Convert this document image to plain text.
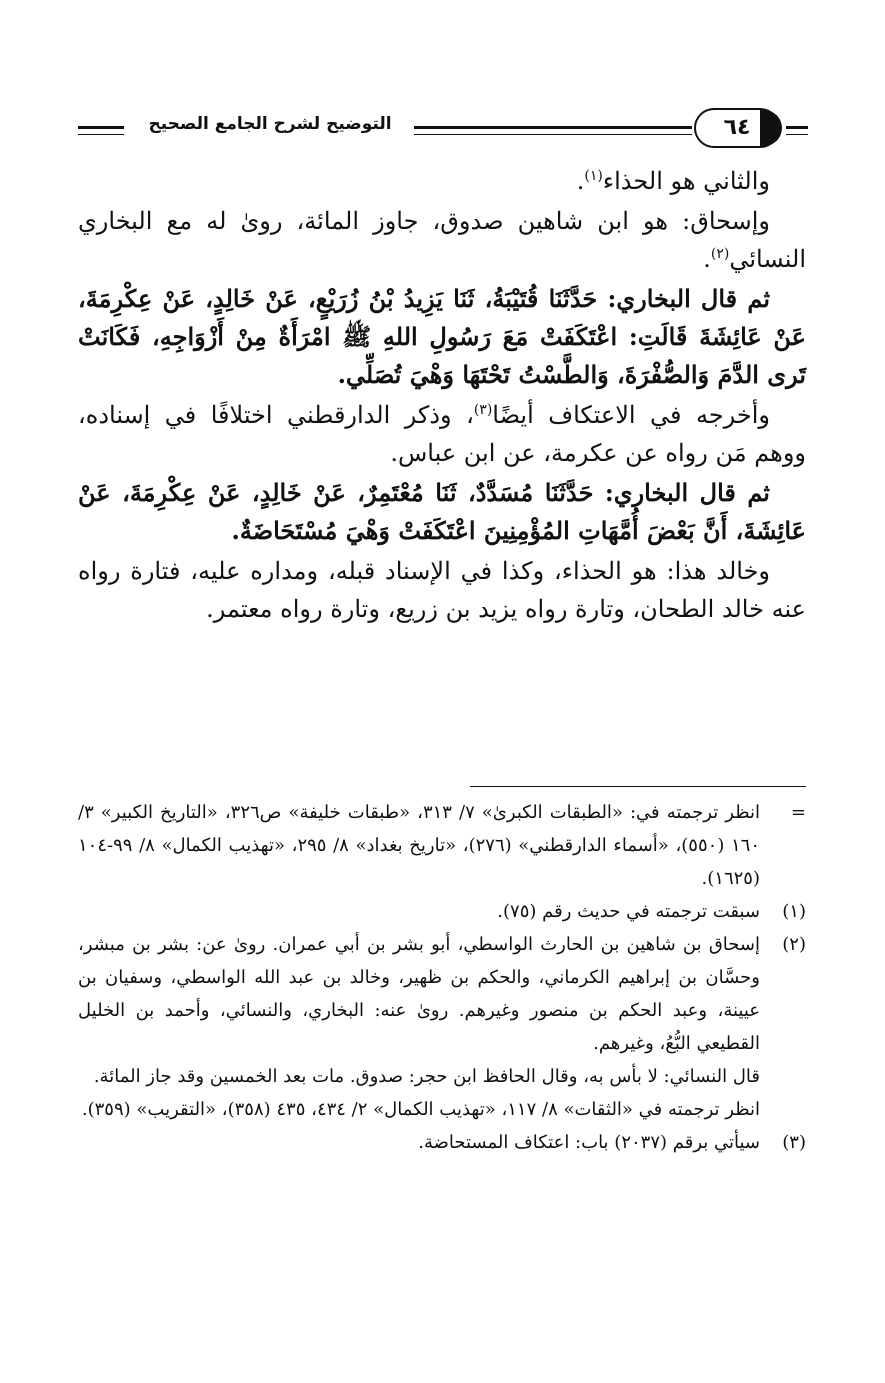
التوضيح لشرح الجامع الصحيح	٦٤

والثاني هو الحذاء$^{(١)}$.

وإسحاق: هو ابن شاهين صدوق، جاوز المائة، روىٰ له مع البخاري النسائي$^{(٢)}$.

ثم قال البخاري: حَدَّثَنَا قُتَيْبَةُ، ثَنَا يَزِيدُ بْنُ زُرَيْعٍ، عَنْ خَالِدٍ، عَنْ عِكْرِمَةَ، عَنْ عَائِشَةَ قَالَتِ: اعْتَكَفَتْ مَعَ رَسُولِ اللهِ ﷺ امْرَأَةٌ مِنْ أَزْوَاجِهِ، فَكَانَتْ تَرى الدَّمَ وَالصُّفْرَةَ، وَالطَّسْتُ تَحْتَهَا وَهْيَ تُصَلِّي.

وأخرجه في الاعتكاف أيضًا$^{(٣)}$، وذكر الدارقطني اختلافًا في إسناده، ووهم مَن رواه عن عكرمة، عن ابن عباس.

ثم قال البخاري: حَدَّثَنَا مُسَدَّدٌ، ثَنَا مُعْتَمِرٌ، عَنْ خَالِدٍ، عَنْ عِكْرِمَةَ، عَنْ عَائِشَةَ، أَنَّ بَعْضَ أُمَّهَاتِ المُؤْمِنِينَ اعْتَكَفَتْ وَهْيَ مُسْتَحَاضَةٌ.

وخالد هذا: هو الحذاء، وكذا في الإسناد قبله، ومداره عليه، فتارة رواه عنه خالد الطحان، وتارة رواه يزيد بن زريع، وتارة رواه معتمر.

=

انظر ترجمته في: «الطبقات الكبرىٰ» ٧/ ٣١٣، «طبقات خليفة» ص٣٢٦، «التاريخ الكبير» ٣/ ١٦٠ (٥٥٠)، «أسماء الدارقطني» (٢٧٦)، «تاريخ بغداد» ٨/ ٢٩٥، «تهذيب الكمال» ٨/ ٩٩-١٠٤ (١٦٢٥).

(١)

سبقت ترجمته في حديث رقم (٧٥).

(٢)

إسحاق بن شاهين بن الحارث الواسطي، أبو بشر بن أبي عمران. روىٰ عن: بشر بن مبشر، وحسَّان بن إبراهيم الكرماني، والحكم بن ظهير، وخالد بن عبد الله الواسطي، وسفيان بن عيينة، وعبد الحكم بن منصور وغيرهم. روىٰ عنه: البخاري، والنسائي، وأحمد بن الخليل القطيعي البُّعُ، وغيرهم.

قال النسائي: لا بأس به، وقال الحافظ ابن حجر: صدوق. مات بعد الخمسين وقد جاز المائة.

انظر ترجمته في «الثقات» ٨/ ١١٧، «تهذيب الكمال» ٢/ ٤٣٤، ٤٣٥ (٣٥٨)، «التقريب» (٣٥٩).

(٣)

سيأتي برقم (٢٠٣٧) باب: اعتكاف المستحاضة.
